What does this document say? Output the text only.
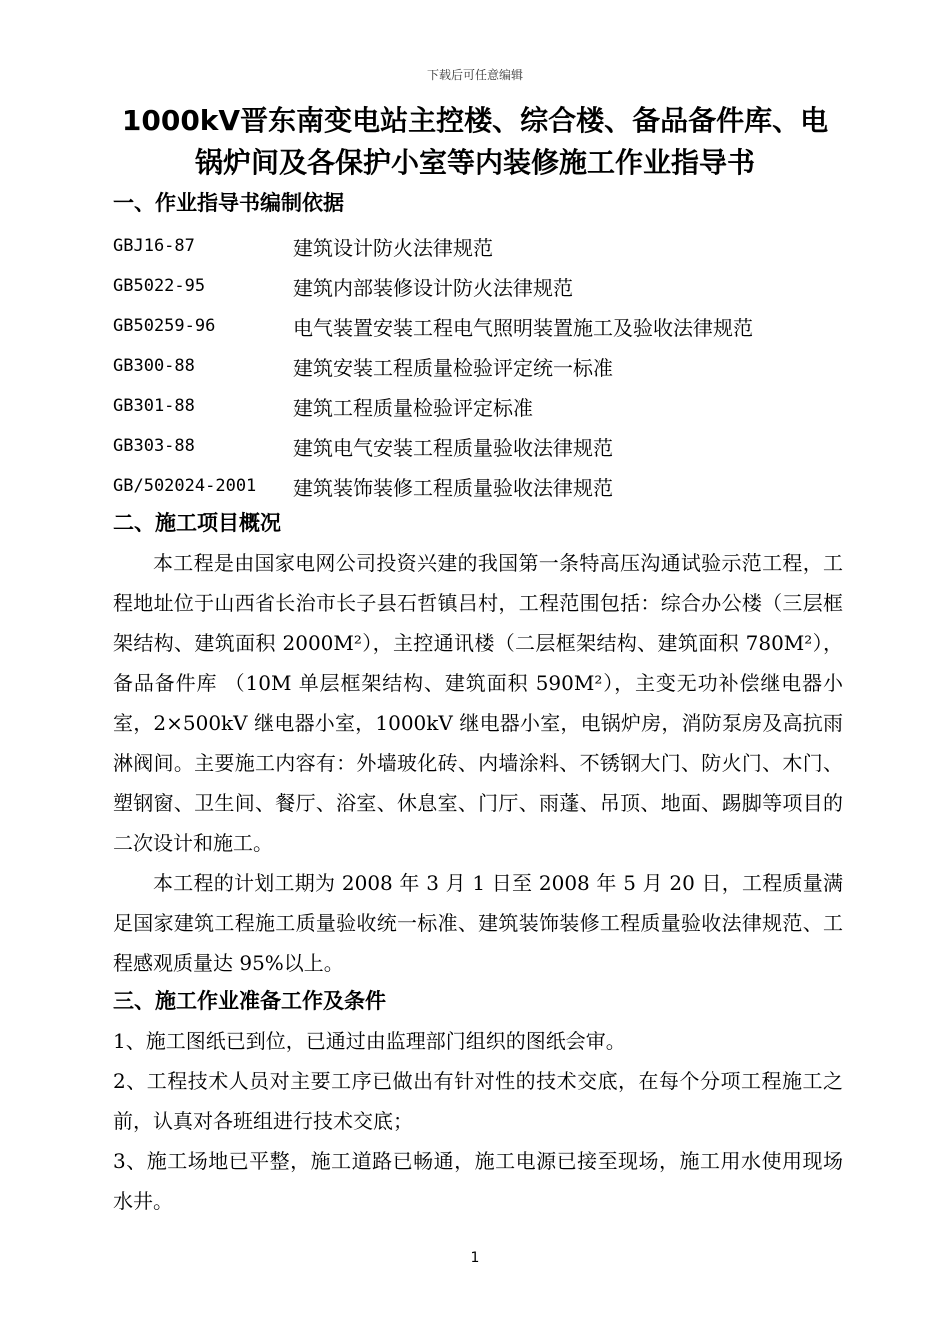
下载后可任意编辑
1000kV晋东南变电站主控楼、综合楼、备品备件库、电
锅炉间及各保护小室等内装修施工作业指导书
一、作业指导书编制依据
GBJ16-87	建筑设计防火法律规范
GB5022-95	建筑内部装修设计防火法律规范
GB50259-96	电气装置安装工程电气照明装置施工及验收法律规范
GB300-88	建筑安装工程质量检验评定统一标准
GB301-88	建筑工程质量检验评定标准
GB303-88	建筑电气安装工程质量验收法律规范
GB/502024-2001	建筑装饰装修工程质量验收法律规范
二、施工项目概况

本工程是由国家电网公司投资兴建的我国第一条特高压沟通试验示范工程，工程地址位于山西省长治市长子县石哲镇吕村，工程范围包括：综合办公楼（三层框架结构、建筑面积 2000M²），主控通讯楼（二层框架结构、建筑面积 780M²），备品备件库 （10M 单层框架结构、建筑面积 590M²），主变无功补偿继电器小室，2×500kV 继电器小室，1000kV 继电器小室，电锅炉房，消防泵房及高抗雨淋阀间。主要施工内容有：外墙玻化砖、内墙涂料、不锈钢大门、防火门、木门、塑钢窗、卫生间、餐厅、浴室、休息室、门厅、雨蓬、吊顶、地面、踢脚等项目的二次设计和施工。

本工程的计划工期为 2008 年 3 月 1 日至 2008 年 5 月 20 日，工程质量满足国家建筑工程施工质量验收统一标准、建筑装饰装修工程质量验收法律规范、工程感观质量达 95%以上。

三、施工作业准备工作及条件

1、施工图纸已到位，已通过由监理部门组织的图纸会审。

2、工程技术人员对主要工序已做出有针对性的技术交底，在每个分项工程施工之前，认真对各班组进行技术交底；

3、施工场地已平整，施工道路已畅通，施工电源已接至现场，施工用水使用现场水井。

1
